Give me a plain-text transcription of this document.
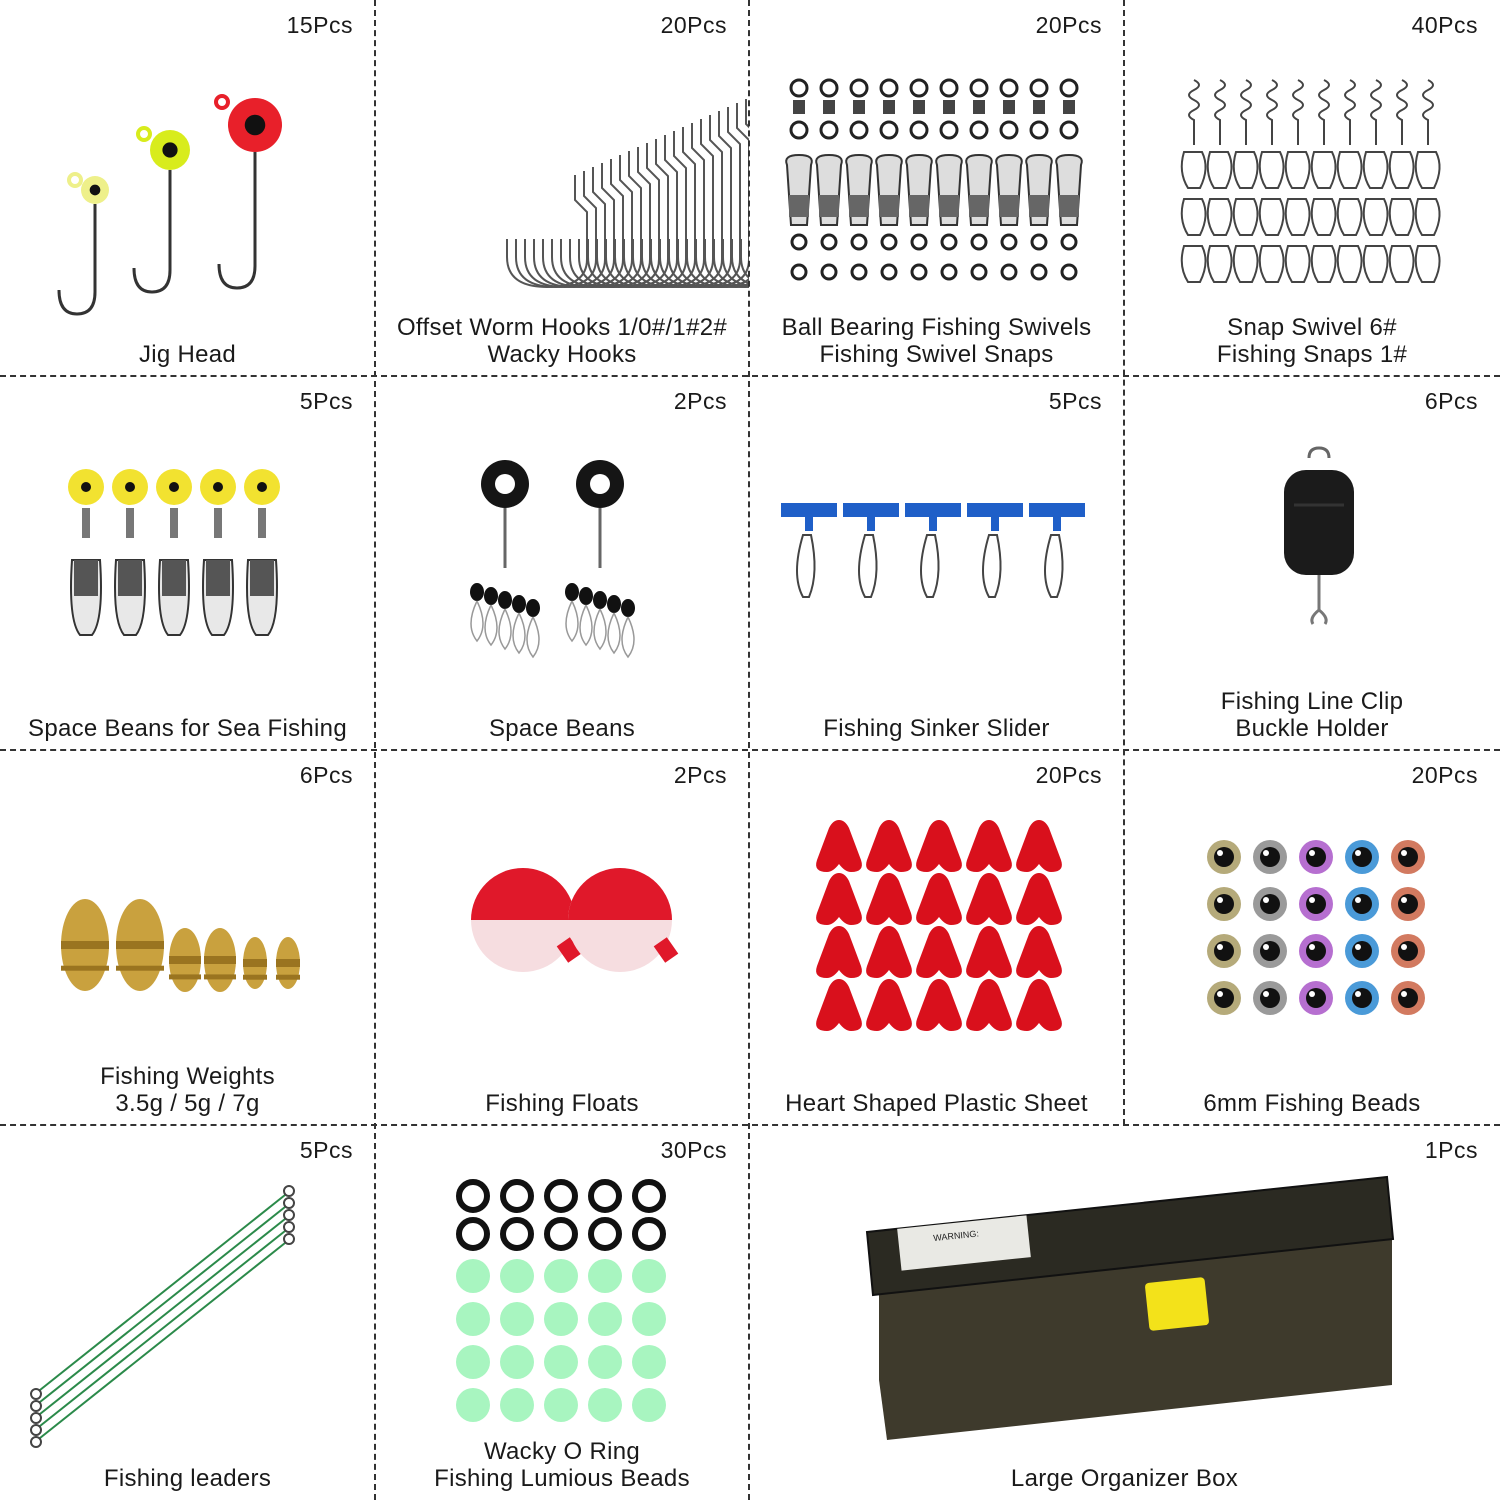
15Pcs
Jig Head
20Pcs
Offset Worm Hooks 1/0#/1#2#
Wacky Hooks
20Pcs
Ball Bearing Fishing Swivels
Fishing Swivel Snaps
40Pcs
Snap Swivel 6#
Fishing Snaps 1#
5Pcs
Space Beans for Sea Fishing
2Pcs
Space Beans
5Pcs
Fishing Sinker Slider
6Pcs
Fishing Line Clip
Buckle Holder
6Pcs
Fishing Weights
3.5g / 5g / 7g
2Pcs
Fishing Floats
20Pcs
Heart Shaped Plastic Sheet
20Pcs
6mm Fishing Beads
5Pcs
Fishing leaders
30Pcs
Wacky O Ring
Fishing Lumious Beads
WARNING:
1Pcs
Large Organizer Box
